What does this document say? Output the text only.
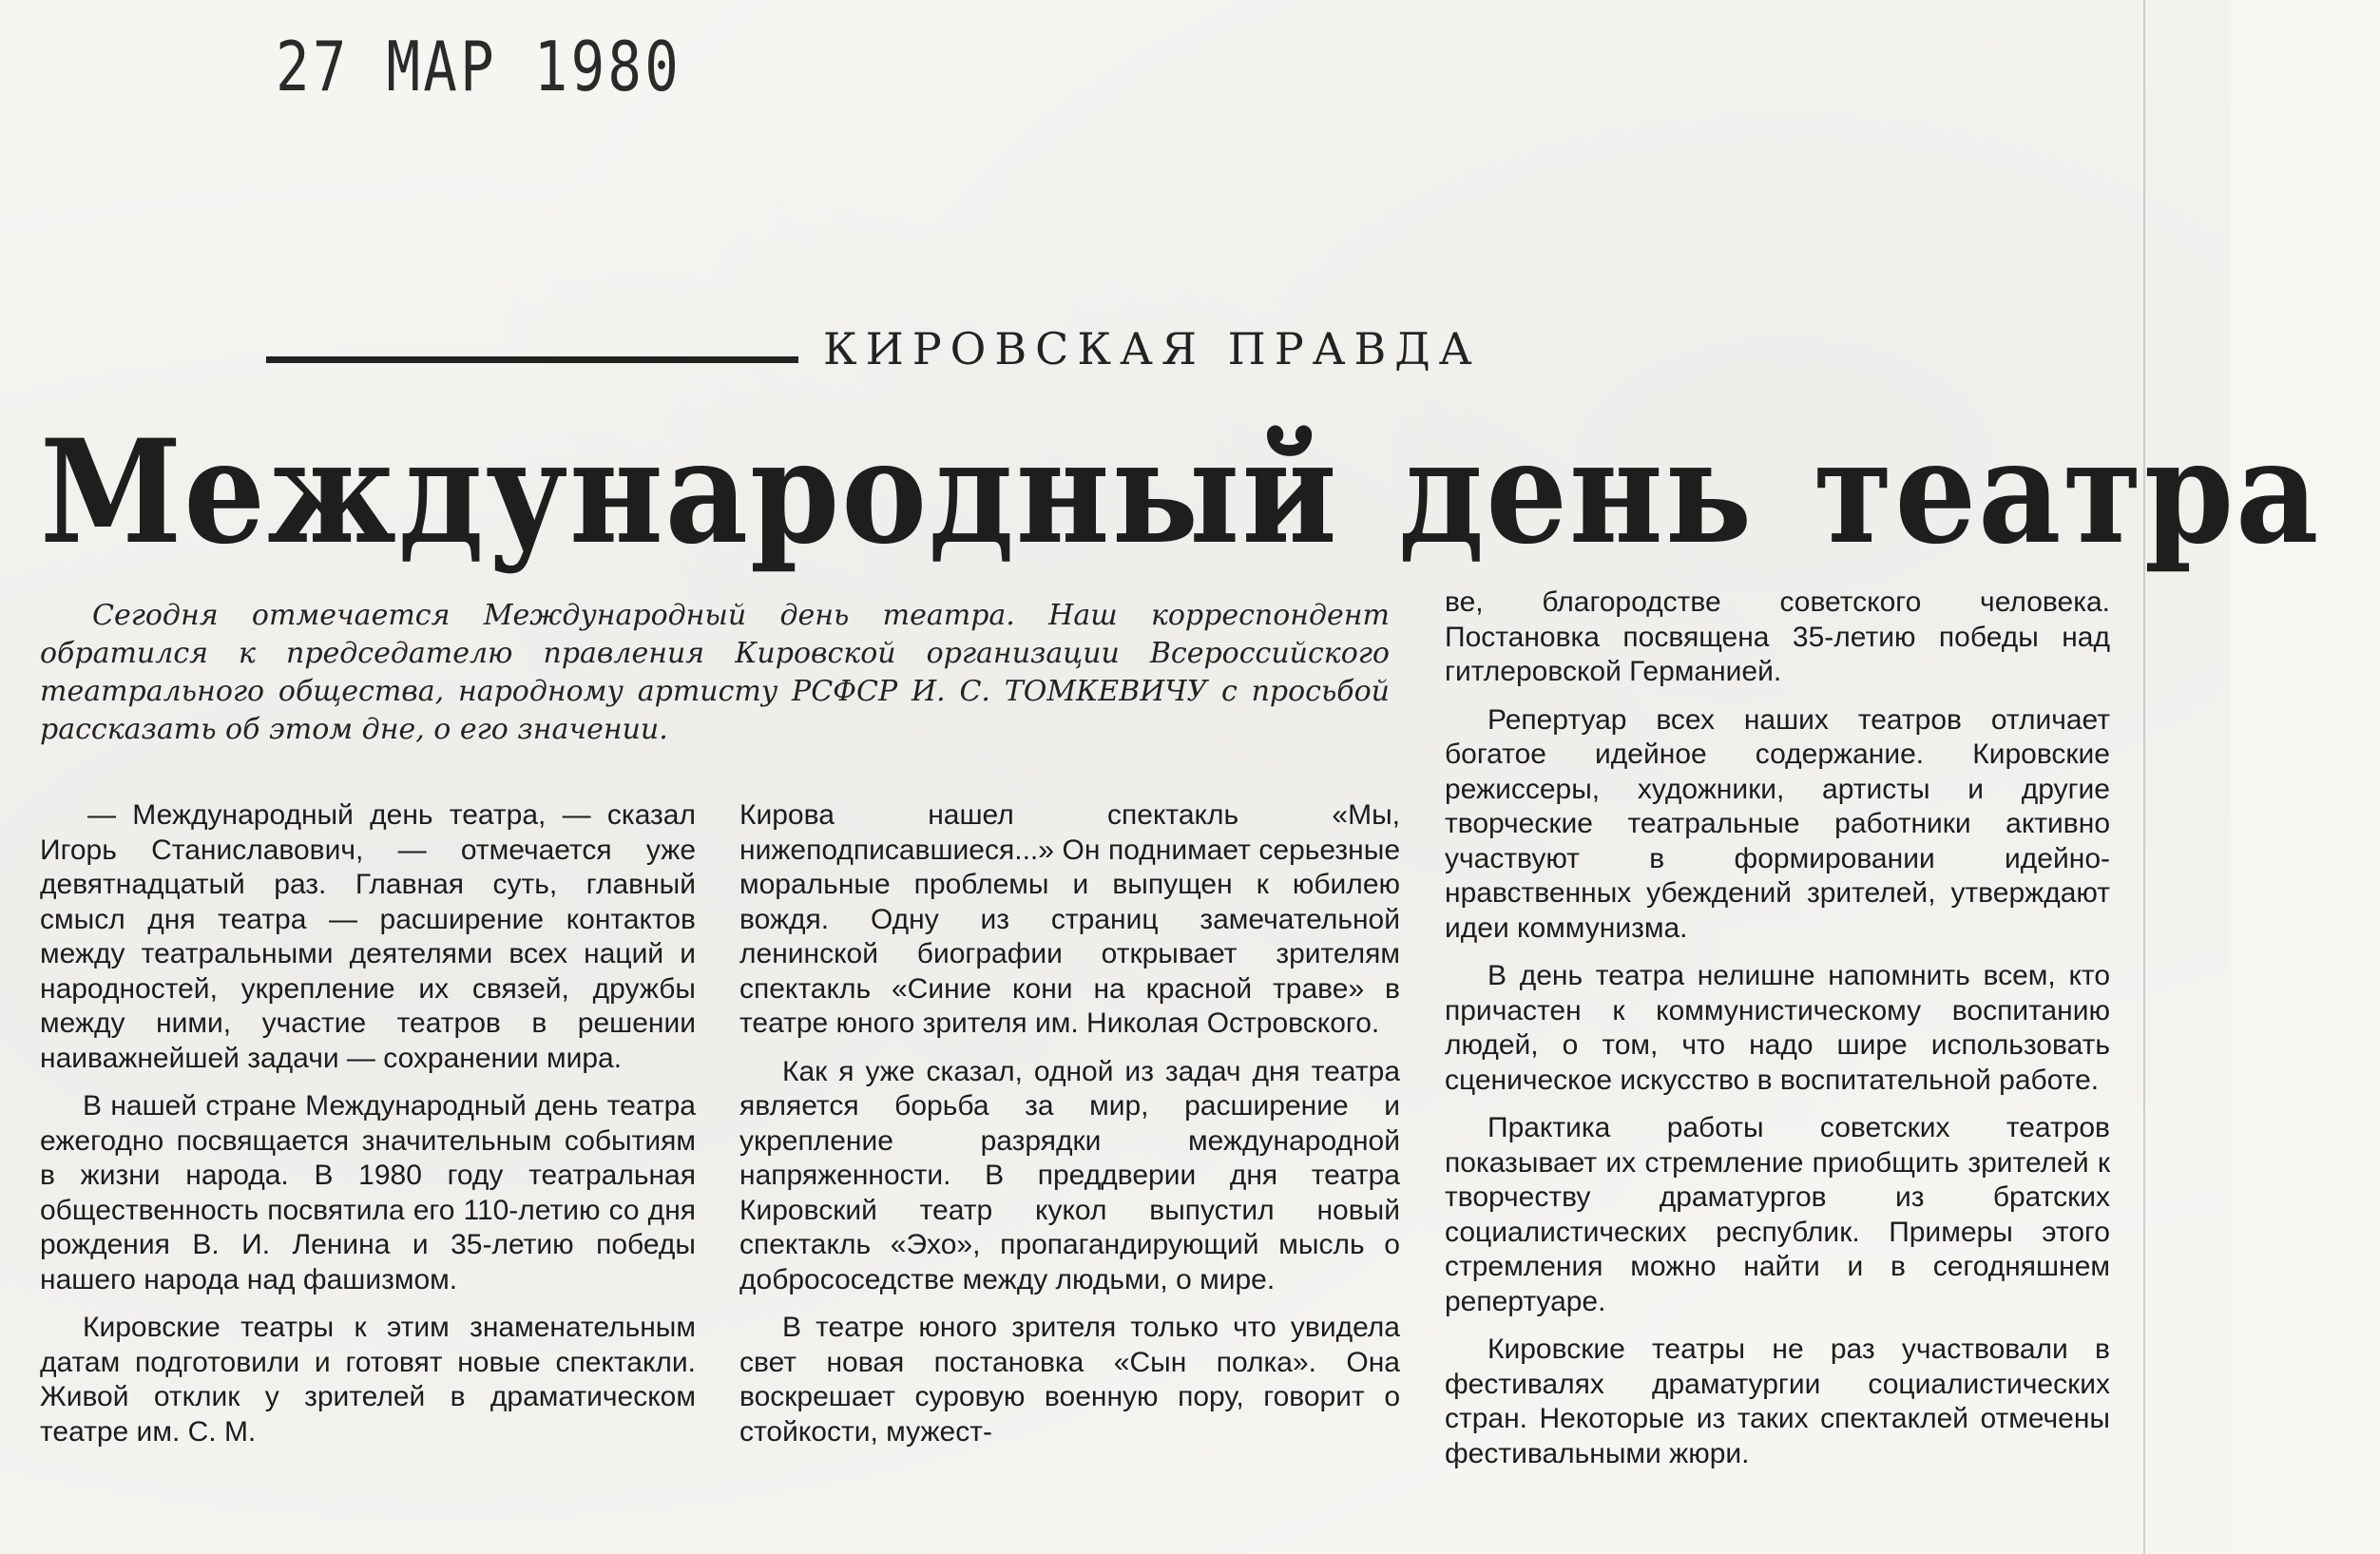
27 МАР 1980
КИРОВСКАЯ ПРАВДА
Международный день театра
Сегодня отмечается Международный день театра. Наш корреспондент обратился к председателю правления Кировской организации Всероссийского театрального общества, народному артисту РСФСР И. С. ТОМКЕВИЧУ с просьбой рассказать об этом дне, о его значении.

— Международный день театра, — сказал Игорь Станиславович, — отмечается уже девятнадцатый раз. Главная суть, главный смысл дня театра — расширение контактов между театральными деятелями всех наций и народностей, укрепление их связей, дружбы между ними, участие театров в решении наиважнейшей задачи — сохранении мира.

В нашей стране Международный день театра ежегодно посвящается значительным событиям в жизни народа. В 1980 году театральная общественность посвятила его 110-летию со дня рождения В. И. Ленина и 35-летию победы нашего народа над фашизмом.

Кировские театры к этим знаменательным датам подготовили и готовят новые спектакли. Живой отклик у зрителей в драматическом театре им. С. М.

Кирова нашел спектакль «Мы, нижеподписавшиеся...» Он поднимает серьезные моральные проблемы и выпущен к юбилею вождя. Одну из страниц замечательной ленинской биографии открывает зрителям спектакль «Синие кони на красной траве» в театре юного зрителя им. Николая Островского.

Как я уже сказал, одной из задач дня театра является борьба за мир, расширение и укрепление разрядки международной напряженности. В преддверии дня театра Кировский театр кукол выпустил новый спектакль «Эхо», пропагандирующий мысль о добрососедстве между людьми, о мире.

В театре юного зрителя только что увидела свет новая постановка «Сын полка». Она воскрешает суровую военную пору, говорит о стойкости, мужест-

ве, благородстве советского человека. Постановка посвящена 35-летию победы над гитлеровской Германией.

Репертуар всех наших театров отличает богатое идейное содержание. Кировские режиссеры, художники, артисты и другие творческие театральные работники активно участвуют в формировании идейно-нравственных убеждений зрителей, утверждают идеи коммунизма.

В день театра нелишне напомнить всем, кто причастен к коммунистическому воспитанию людей, о том, что надо шире использовать сценическое искусство в воспитательной работе.

Практика работы советских театров показывает их стремление приобщить зрителей к творчеству драматургов из братских социалистических республик. Примеры этого стремления можно найти и в сегодняшнем репертуаре.

Кировские театры не раз участвовали в фестивалях драматургии социалистических стран. Некоторые из таких спектаклей отмечены фестивальными жюри.
